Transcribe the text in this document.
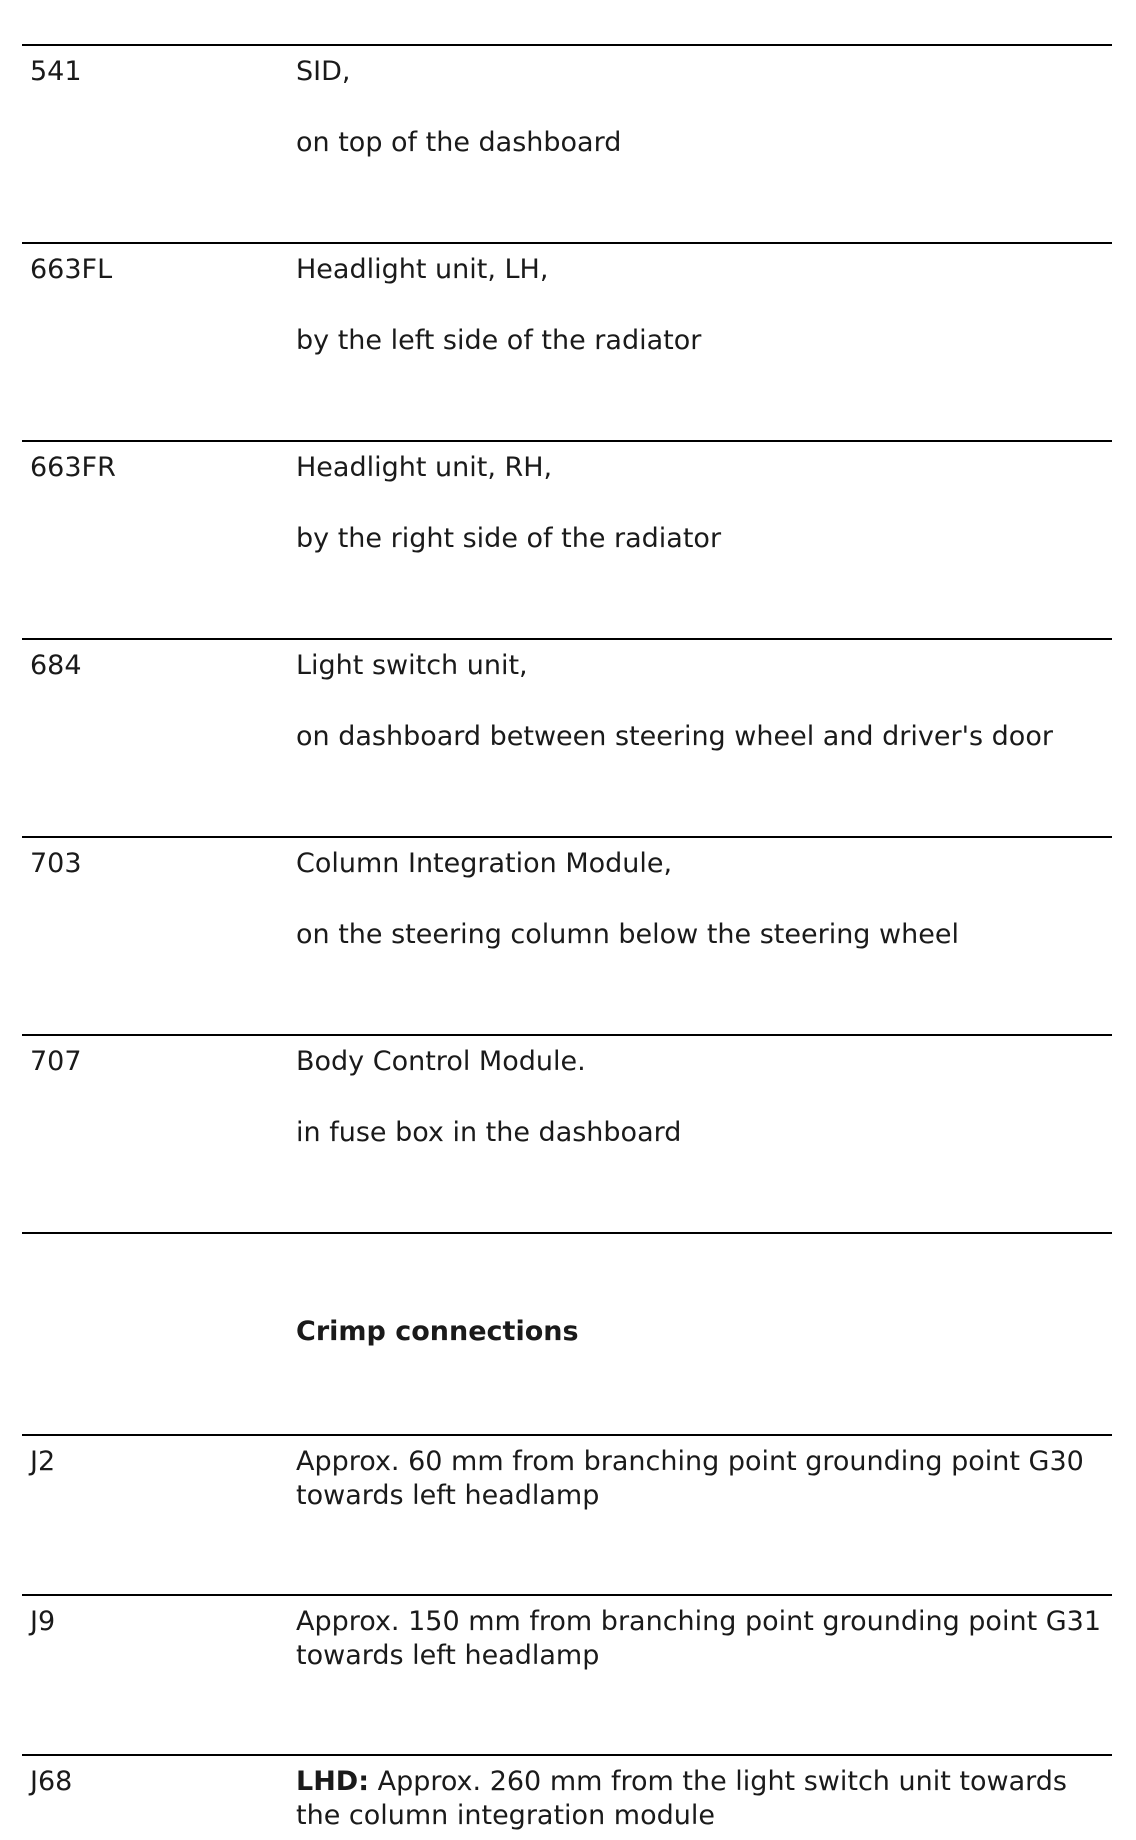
541	SID,
on top of the dashboard
663FL	Headlight unit, LH,
by the left side of the radiator
663FR	Headlight unit, RH,
by the right side of the radiator
684	Light switch unit,
on dashboard between steering wheel and driver's door
703	Column Integration Module,
on the steering column below the steering wheel
707	Body Control Module.
in fuse box in the dashboard
Crimp connections
J2	Approx. 60 mm from branching point grounding point G30 towards left headlamp
J9	Approx. 150 mm from branching point grounding point G31 towards left headlamp
J68	LHD: Approx. 260 mm from the light switch unit towards the column integration module
